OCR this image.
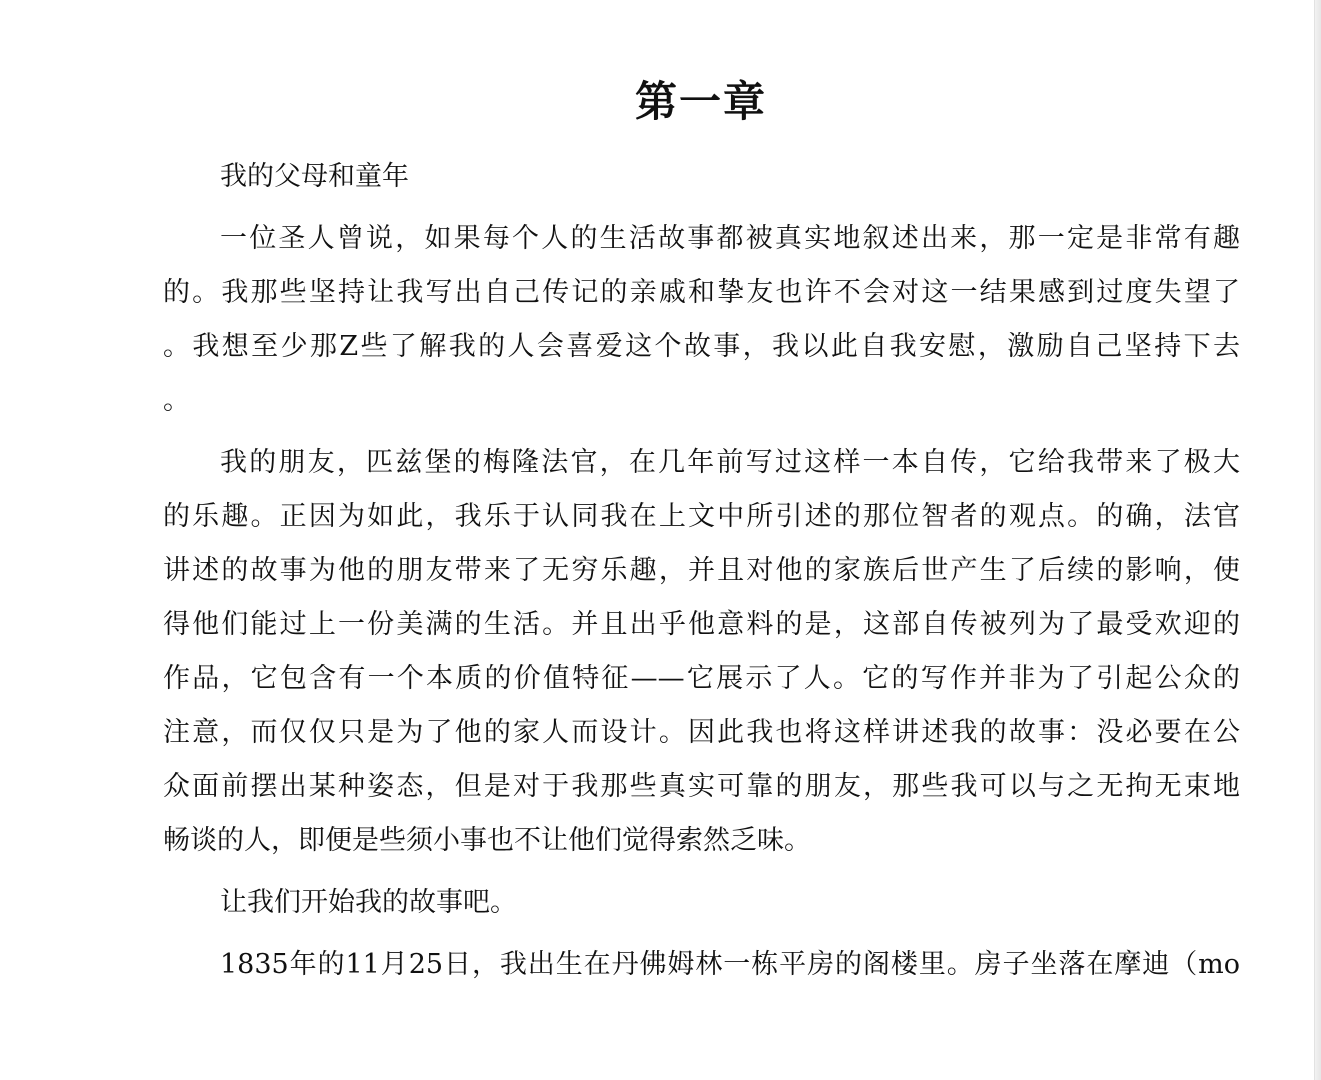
第一章
我的父母和童年
一位圣人曾说，如果每个人的生活故事都被真实地叙述出来，那一定是非常有趣
的。我那些坚持让我写出自己传记的亲戚和挚友也许不会对这一结果感到过度失望了
。我想至少那Z些了解我的人会喜爱这个故事，我以此自我安慰，激励自己坚持下去
。
我的朋友，匹兹堡的梅隆法官，在几年前写过这样一本自传，它给我带来了极大
的乐趣。正因为如此，我乐于认同我在上文中所引述的那位智者的观点。的确，法官
讲述的故事为他的朋友带来了无穷乐趣，并且对他的家族后世产生了后续的影响，使
得他们能过上一份美满的生活。并且出乎他意料的是，这部自传被列为了最受欢迎的
作品，它包含有一个本质的价值特征——它展示了人。它的写作并非为了引起公众的
注意，而仅仅只是为了他的家人而设计。因此我也将这样讲述我的故事：没必要在公
众面前摆出某种姿态，但是对于我那些真实可靠的朋友，那些我可以与之无拘无束地
畅谈的人，即便是些须小事也不让他们觉得索然乏味。
让我们开始我的故事吧。
1835年的11月25日，我出生在丹佛姆林一栋平房的阁楼里。房子坐落在摩迪（mo
